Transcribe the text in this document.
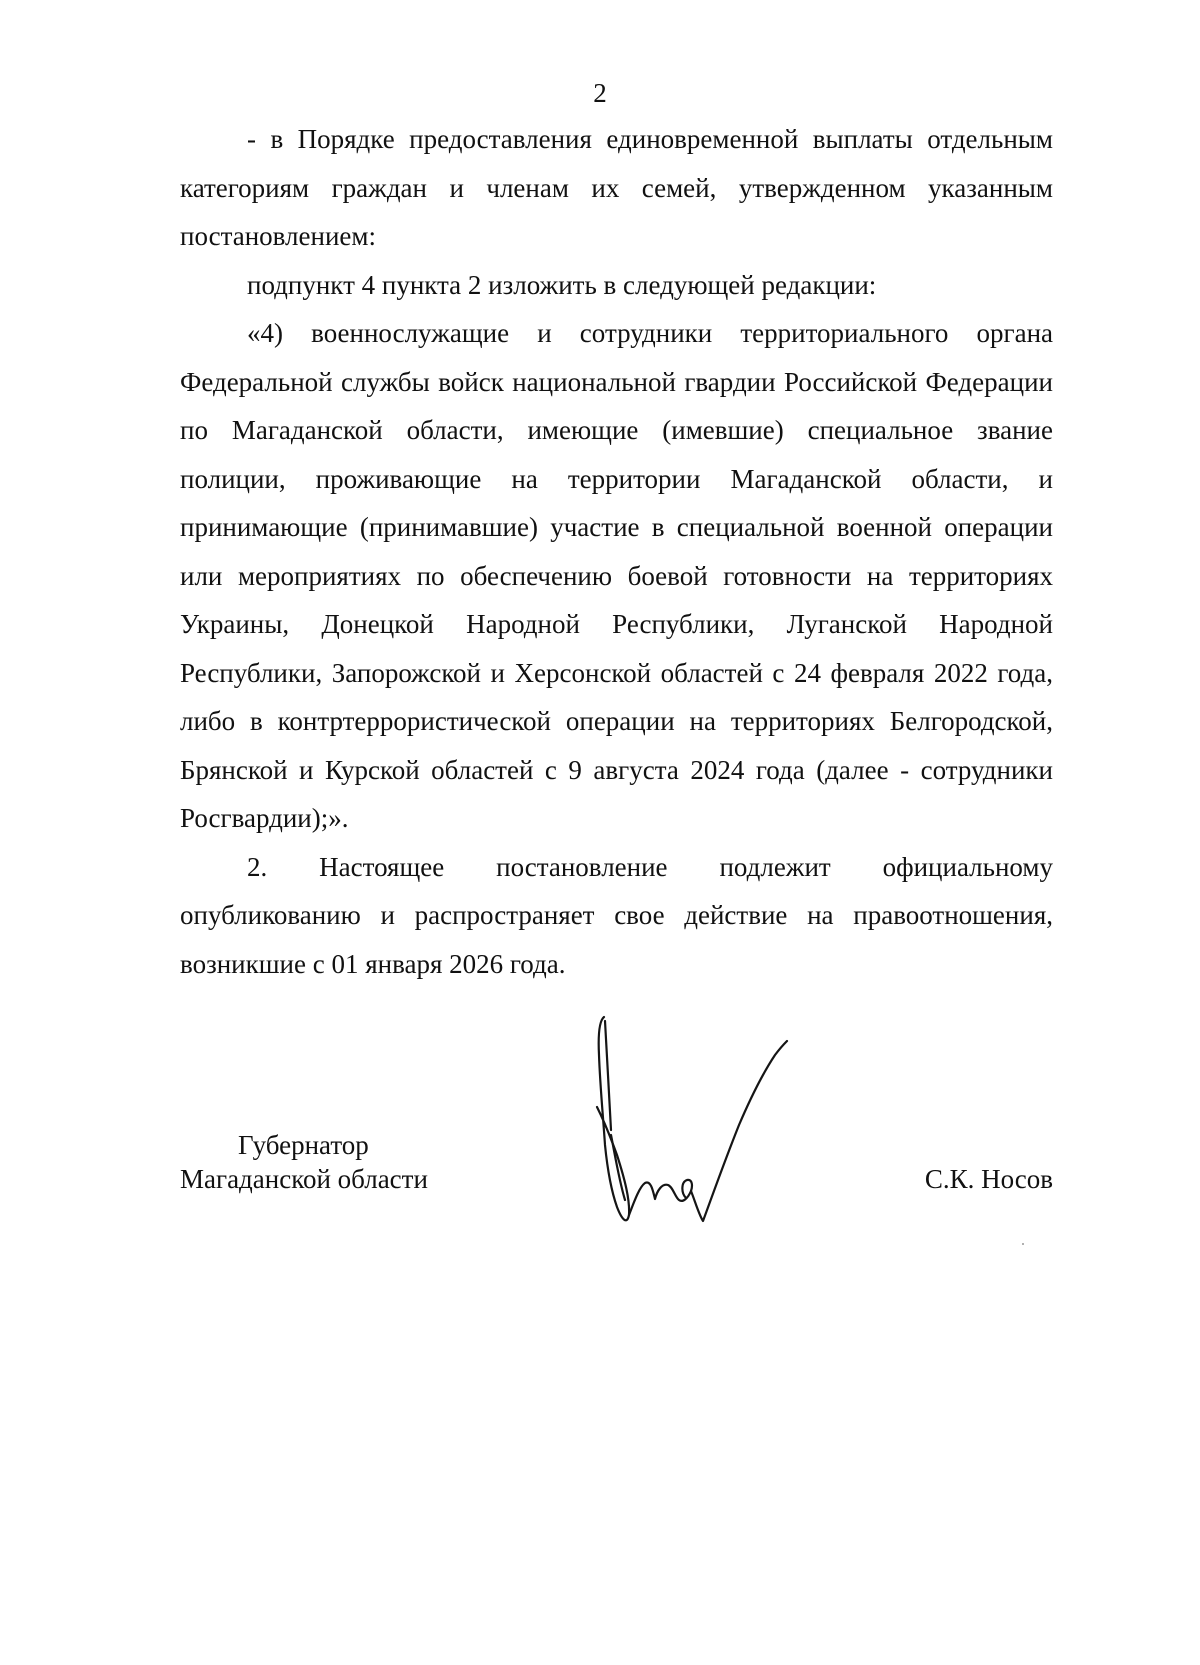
2

- в Порядке предоставления единовременной выплаты отдельным категориям граждан и членам их семей, утвержденном указанным постановлением:

подпункт 4 пункта 2 изложить в следующей редакции:

«4) военнослужащие и сотрудники территориального органа Федеральной службы войск национальной гвардии Российской Федерации по Магаданской области, имеющие (имевшие) специальное звание полиции, проживающие на территории Магаданской области, и принимающие (принимавшие) участие в специальной военной операции или мероприятиях по обеспечению боевой готовности на территориях Украины, Донецкой Народной Республики, Луганской Народной Республики, Запорожской и Херсонской областей с 24 февраля 2022 года, либо в контртеррористической операции на территориях Белгородской, Брянской и Курской областей с 9 августа 2024 года (далее - сотрудники Росгвардии);».

2. Настоящее постановление подлежит официальному опубликованию и распространяет свое действие на правоотношения, возникшие с 01 января 2026 года.

Губернатор
Магаданской области	С.К. Носов
